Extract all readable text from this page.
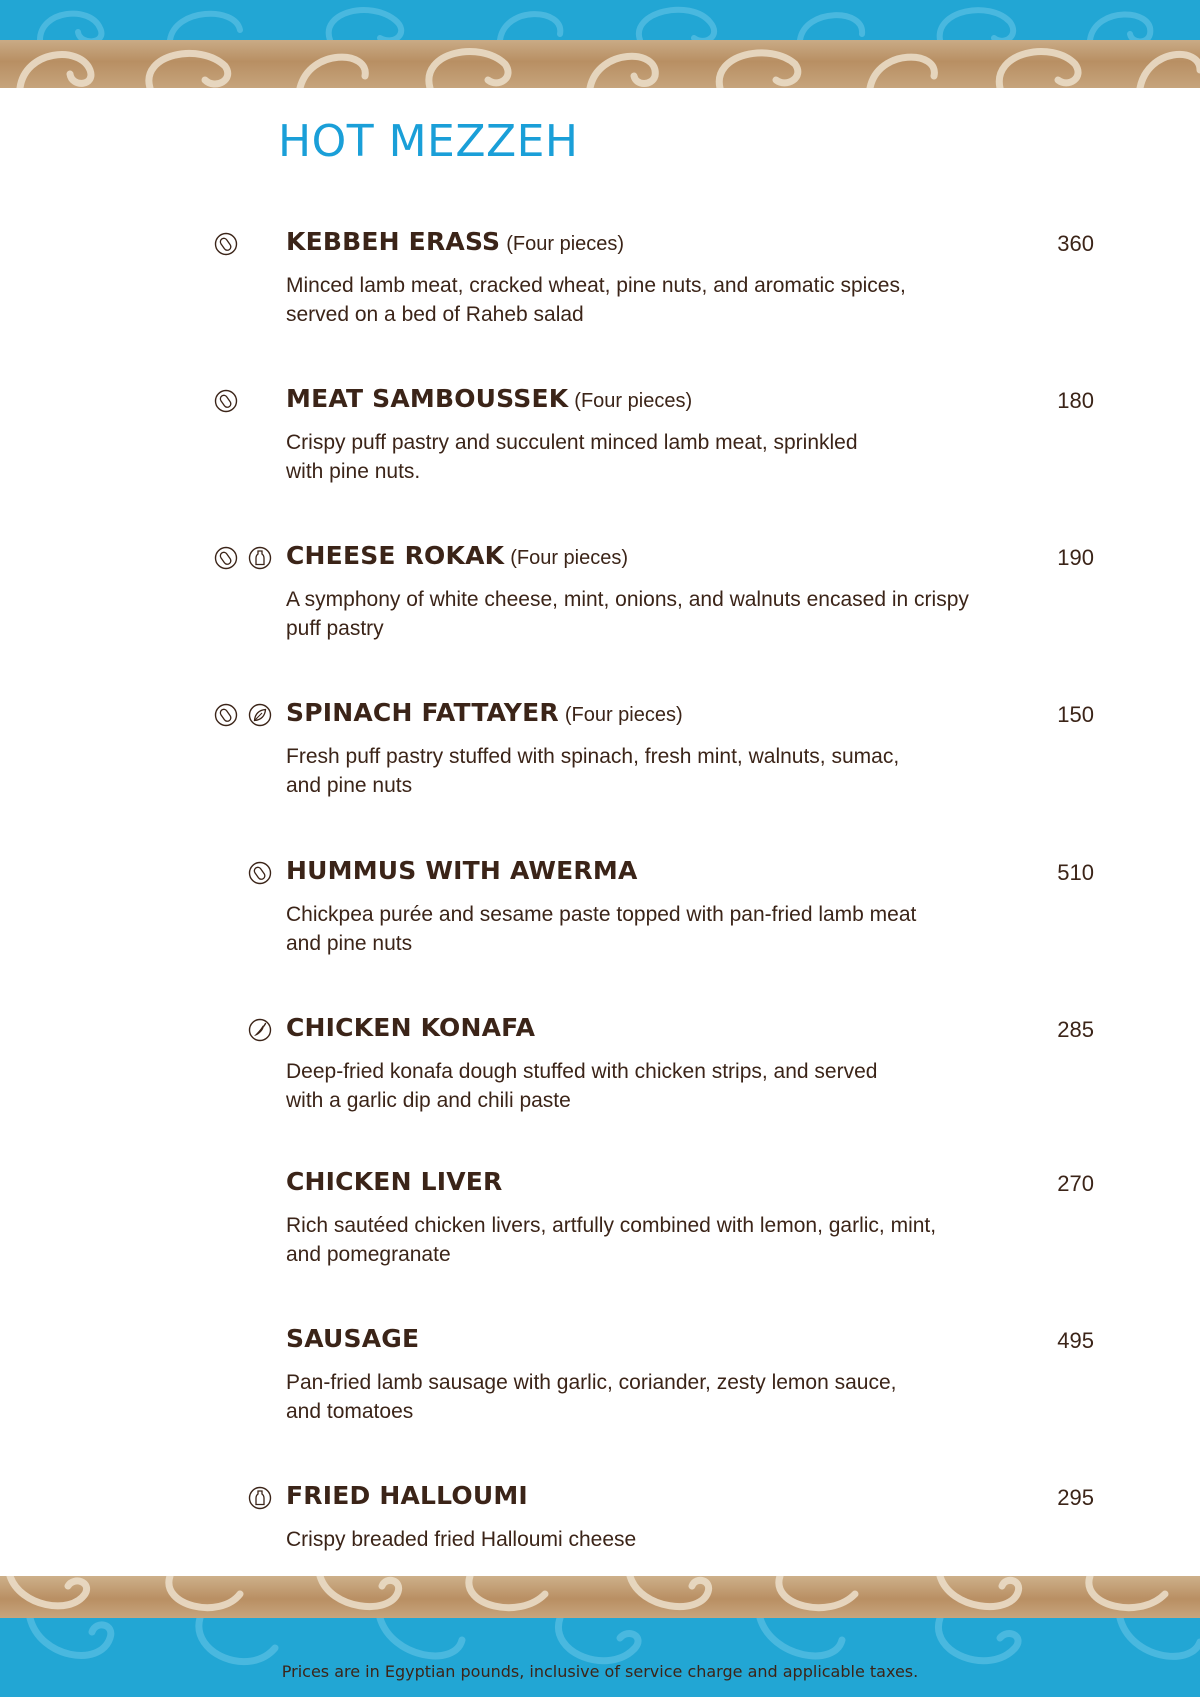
HOT MEZZEH
KEBBEH ERASS (Four pieces)	360
Minced lamb meat, cracked wheat, pine nuts, and aromatic spices,
served on a bed of Raheb salad
MEAT SAMBOUSSEK (Four pieces)	180
Crispy puff pastry and succulent minced lamb meat, sprinkled
with pine nuts.
CHEESE ROKAK (Four pieces)	190
A symphony of white cheese, mint, onions, and walnuts encased in crispy
puff pastry
SPINACH FATTAYER (Four pieces)	150
Fresh puff pastry stuffed with spinach, fresh mint, walnuts, sumac,
and pine nuts
HUMMUS WITH AWERMA	510
Chickpea purée and sesame paste topped with pan-fried lamb meat
and pine nuts
CHICKEN KONAFA	285
Deep-fried konafa dough stuffed with chicken strips, and served
with a garlic dip and chili paste
CHICKEN LIVER	270
Rich sautéed chicken livers, artfully combined with lemon, garlic, mint,
and pomegranate
SAUSAGE	495
Pan-fried lamb sausage with garlic, coriander, zesty lemon sauce,
and tomatoes
FRIED HALLOUMI	295
Crispy breaded fried Halloumi cheese
Prices are in Egyptian pounds, inclusive of service charge and applicable taxes.
